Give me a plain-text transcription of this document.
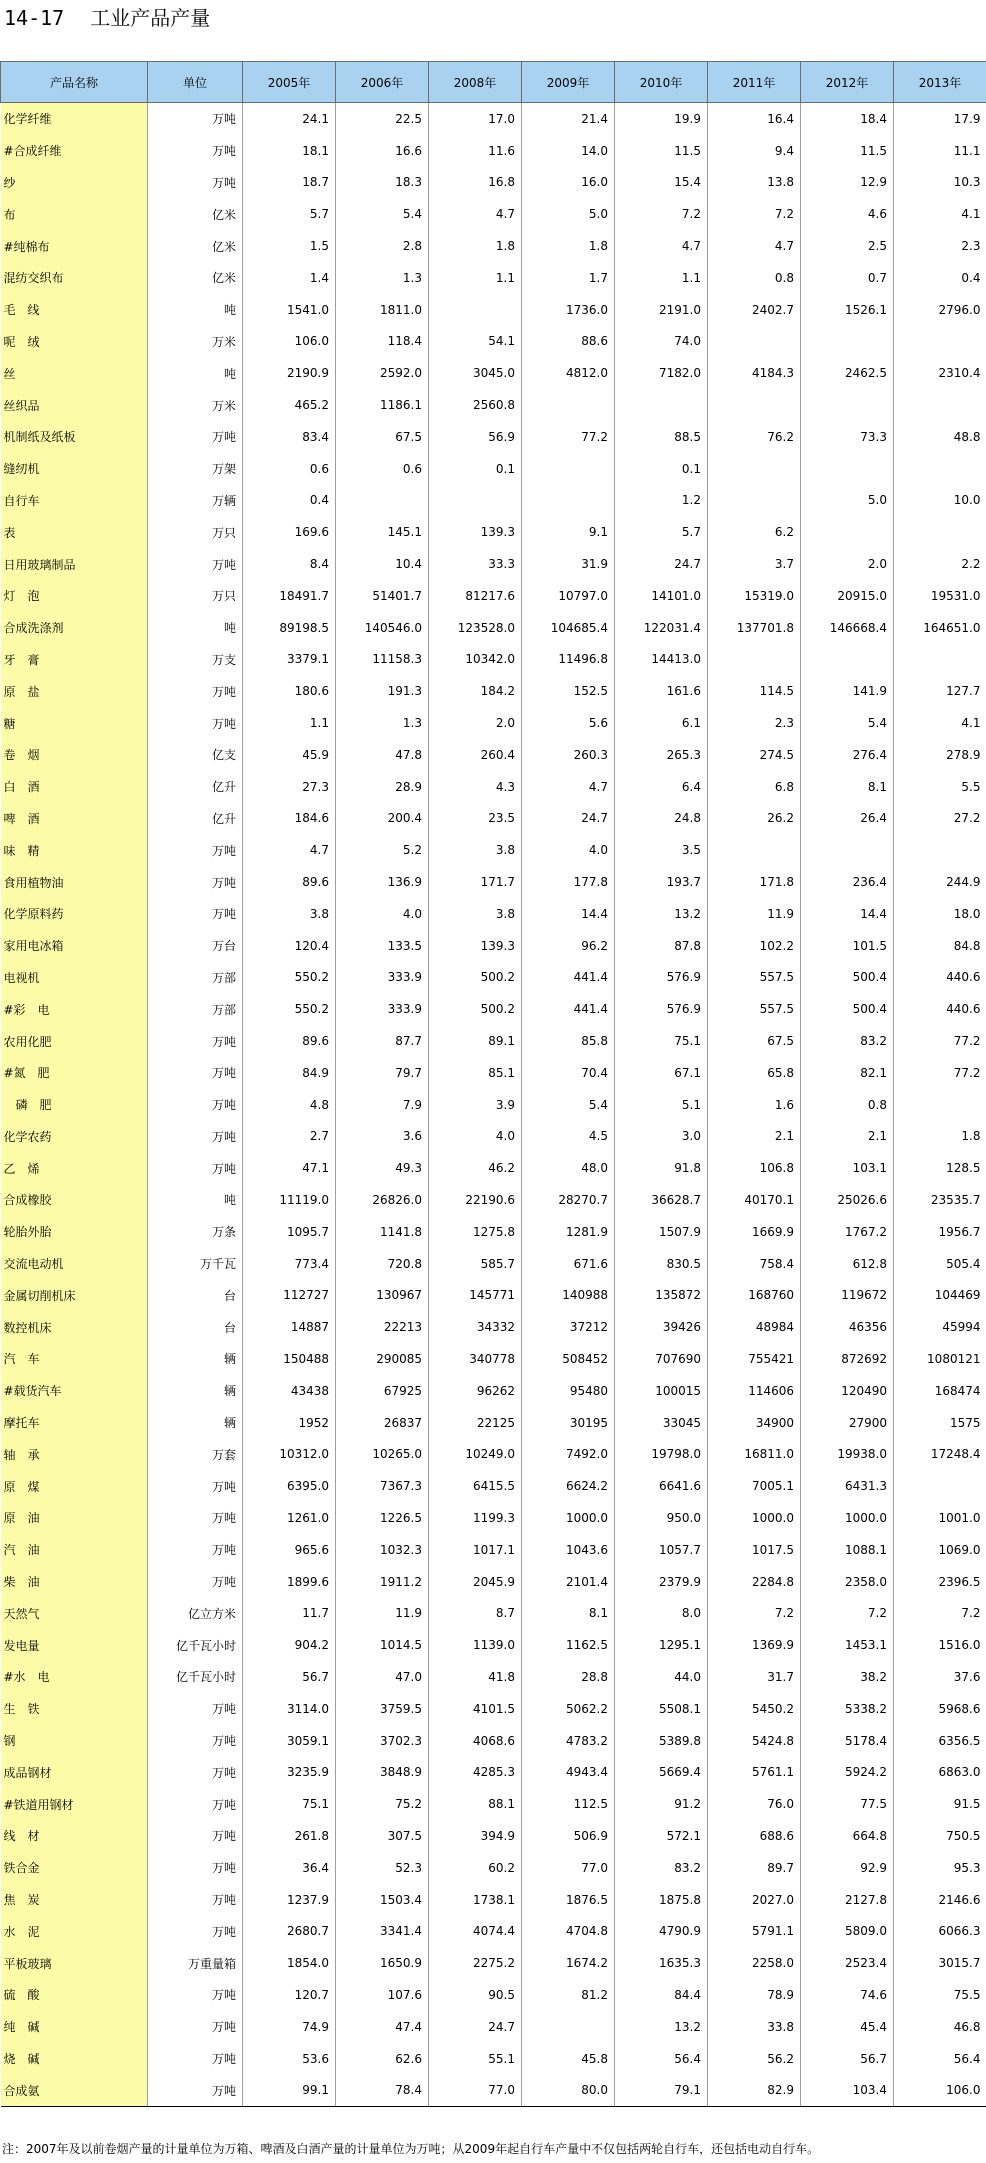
14-17 工业产品产量
产品名称	单位	2005年	2006年	2008年	2009年	2010年	2011年	2012年	2013年
化学纤维	万吨	24.1	22.5	17.0	21.4	19.9	16.4	18.4	17.9
#合成纤维	万吨	18.1	16.6	11.6	14.0	11.5	9.4	11.5	11.1
纱	万吨	18.7	18.3	16.8	16.0	15.4	13.8	12.9	10.3
布	亿米	5.7	5.4	4.7	5.0	7.2	7.2	4.6	4.1
#纯棉布	亿米	1.5	2.8	1.8	1.8	4.7	4.7	2.5	2.3
混纺交织布	亿米	1.4	1.3	1.1	1.7	1.1	0.8	0.7	0.4
毛　线	吨	1541.0	1811.0		1736.0	2191.0	2402.7	1526.1	2796.0
呢　绒	万米	106.0	118.4	54.1	88.6	74.0			
丝	吨	2190.9	2592.0	3045.0	4812.0	7182.0	4184.3	2462.5	2310.4
丝织品	万米	465.2	1186.1	2560.8					
机制纸及纸板	万吨	83.4	67.5	56.9	77.2	88.5	76.2	73.3	48.8
缝纫机	万架	0.6	0.6	0.1		0.1			
自行车	万辆	0.4				1.2		5.0	10.0
表	万只	169.6	145.1	139.3	9.1	5.7	6.2		
日用玻璃制品	万吨	8.4	10.4	33.3	31.9	24.7	3.7	2.0	2.2
灯　泡	万只	18491.7	51401.7	81217.6	10797.0	14101.0	15319.0	20915.0	19531.0
合成洗涤剂	吨	89198.5	140546.0	123528.0	104685.4	122031.4	137701.8	146668.4	164651.0
牙　膏	万支	3379.1	11158.3	10342.0	11496.8	14413.0			
原　盐	万吨	180.6	191.3	184.2	152.5	161.6	114.5	141.9	127.7
糖	万吨	1.1	1.3	2.0	5.6	6.1	2.3	5.4	4.1
卷　烟	亿支	45.9	47.8	260.4	260.3	265.3	274.5	276.4	278.9
白　酒	亿升	27.3	28.9	4.3	4.7	6.4	6.8	8.1	5.5
啤　酒	亿升	184.6	200.4	23.5	24.7	24.8	26.2	26.4	27.2
味　精	万吨	4.7	5.2	3.8	4.0	3.5			
食用植物油	万吨	89.6	136.9	171.7	177.8	193.7	171.8	236.4	244.9
化学原料药	万吨	3.8	4.0	3.8	14.4	13.2	11.9	14.4	18.0
家用电冰箱	万台	120.4	133.5	139.3	96.2	87.8	102.2	101.5	84.8
电视机	万部	550.2	333.9	500.2	441.4	576.9	557.5	500.4	440.6
#彩　电	万部	550.2	333.9	500.2	441.4	576.9	557.5	500.4	440.6
农用化肥	万吨	89.6	87.7	89.1	85.8	75.1	67.5	83.2	77.2
#氮　肥	万吨	84.9	79.7	85.1	70.4	67.1	65.8	82.1	77.2
　磷　肥	万吨	4.8	7.9	3.9	5.4	5.1	1.6	0.8	
化学农药	万吨	2.7	3.6	4.0	4.5	3.0	2.1	2.1	1.8
乙　烯	万吨	47.1	49.3	46.2	48.0	91.8	106.8	103.1	128.5
合成橡胶	吨	11119.0	26826.0	22190.6	28270.7	36628.7	40170.1	25026.6	23535.7
轮胎外胎	万条	1095.7	1141.8	1275.8	1281.9	1507.9	1669.9	1767.2	1956.7
交流电动机	万千瓦	773.4	720.8	585.7	671.6	830.5	758.4	612.8	505.4
金属切削机床	台	112727	130967	145771	140988	135872	168760	119672	104469
数控机床	台	14887	22213	34332	37212	39426	48984	46356	45994
汽　车	辆	150488	290085	340778	508452	707690	755421	872692	1080121
#载货汽车	辆	43438	67925	96262	95480	100015	114606	120490	168474
摩托车	辆	1952	26837	22125	30195	33045	34900	27900	1575
轴　承	万套	10312.0	10265.0	10249.0	7492.0	19798.0	16811.0	19938.0	17248.4
原　煤	万吨	6395.0	7367.3	6415.5	6624.2	6641.6	7005.1	6431.3	
原　油	万吨	1261.0	1226.5	1199.3	1000.0	950.0	1000.0	1000.0	1001.0
汽　油	万吨	965.6	1032.3	1017.1	1043.6	1057.7	1017.5	1088.1	1069.0
柴　油	万吨	1899.6	1911.2	2045.9	2101.4	2379.9	2284.8	2358.0	2396.5
天然气	亿立方米	11.7	11.9	8.7	8.1	8.0	7.2	7.2	7.2
发电量	亿千瓦小时	904.2	1014.5	1139.0	1162.5	1295.1	1369.9	1453.1	1516.0
#水　电	亿千瓦小时	56.7	47.0	41.8	28.8	44.0	31.7	38.2	37.6
生　铁	万吨	3114.0	3759.5	4101.5	5062.2	5508.1	5450.2	5338.2	5968.6
钢	万吨	3059.1	3702.3	4068.6	4783.2	5389.8	5424.8	5178.4	6356.5
成品钢材	万吨	3235.9	3848.9	4285.3	4943.4	5669.4	5761.1	5924.2	6863.0
#铁道用钢材	万吨	75.1	75.2	88.1	112.5	91.2	76.0	77.5	91.5
线　材	万吨	261.8	307.5	394.9	506.9	572.1	688.6	664.8	750.5
铁合金	万吨	36.4	52.3	60.2	77.0	83.2	89.7	92.9	95.3
焦　炭	万吨	1237.9	1503.4	1738.1	1876.5	1875.8	2027.0	2127.8	2146.6
水　泥	万吨	2680.7	3341.4	4074.4	4704.8	4790.9	5791.1	5809.0	6066.3
平板玻璃	万重量箱	1854.0	1650.9	2275.2	1674.2	1635.3	2258.0	2523.4	3015.7
硫　酸	万吨	120.7	107.6	90.5	81.2	84.4	78.9	74.6	75.5
纯　碱	万吨	74.9	47.4	24.7		13.2	33.8	45.4	46.8
烧　碱	万吨	53.6	62.6	55.1	45.8	56.4	56.2	56.7	56.4
合成氨	万吨	99.1	78.4	77.0	80.0	79.1	82.9	103.4	106.0
注：2007年及以前卷烟产量的计量单位为万箱、啤酒及白酒产量的计量单位为万吨；从2009年起自行车产量中不仅包括两轮自行车，还包括电动自行车。
